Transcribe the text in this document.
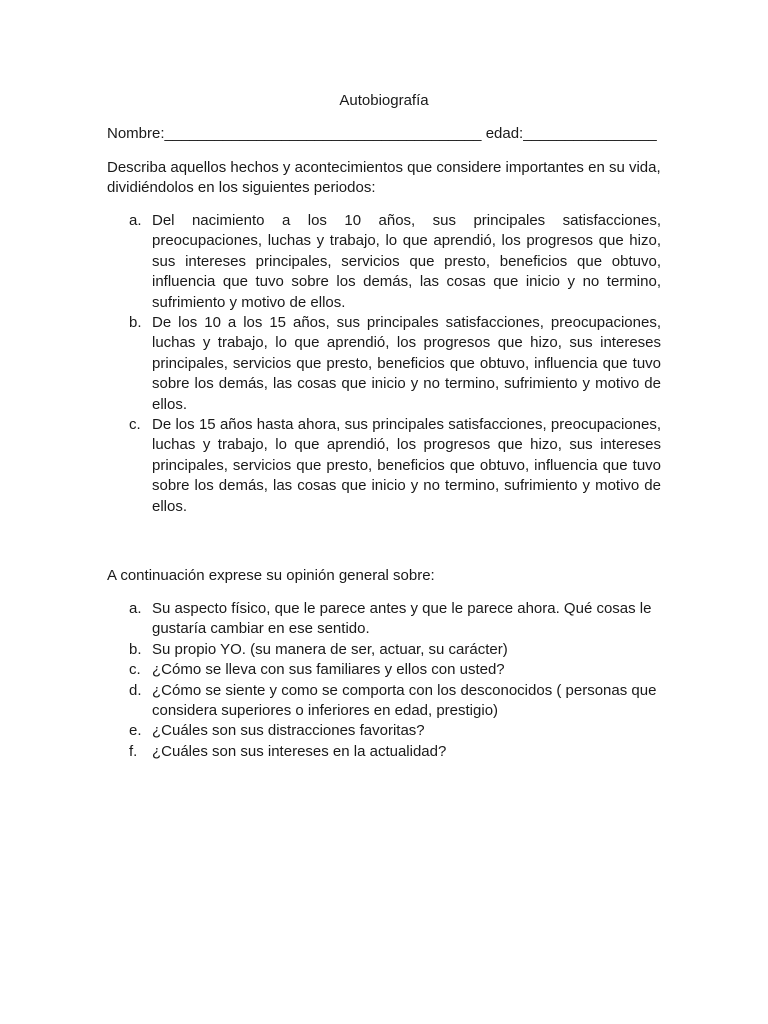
Autobiografía
Nombre:______________________________________ edad:________________
Describa aquellos hechos y acontecimientos que considere importantes en su vida, dividiéndolos en los siguientes periodos:
a. Del nacimiento a los 10 años, sus principales satisfacciones, preocupaciones, luchas y trabajo, lo que aprendió, los progresos que hizo, sus intereses principales, servicios que presto, beneficios que obtuvo, influencia que tuvo sobre los demás, las cosas que inicio y no termino, sufrimiento y motivo de ellos.
b. De los 10 a los 15 años, sus principales satisfacciones, preocupaciones, luchas y trabajo, lo que aprendió, los progresos que hizo, sus intereses principales, servicios que presto, beneficios que obtuvo, influencia que tuvo sobre los demás, las cosas que inicio y no termino, sufrimiento y motivo de ellos.
c. De los 15 años hasta ahora, sus principales satisfacciones, preocupaciones, luchas y trabajo, lo que aprendió, los progresos que hizo, sus intereses principales, servicios que presto, beneficios que obtuvo, influencia que tuvo sobre los demás, las cosas que inicio y no termino, sufrimiento y motivo de ellos.
A continuación exprese su opinión general sobre:
a. Su aspecto físico, que le parece antes y que le parece ahora. Qué cosas le gustaría cambiar en ese sentido.
b. Su propio YO. (su manera de ser, actuar, su carácter)
c. ¿Cómo se lleva con sus familiares y ellos con usted?
d. ¿Cómo se siente y como se comporta con los desconocidos ( personas que considera superiores o inferiores en edad, prestigio)
e. ¿Cuáles son sus distracciones favoritas?
f. ¿Cuáles son sus intereses en la actualidad?
